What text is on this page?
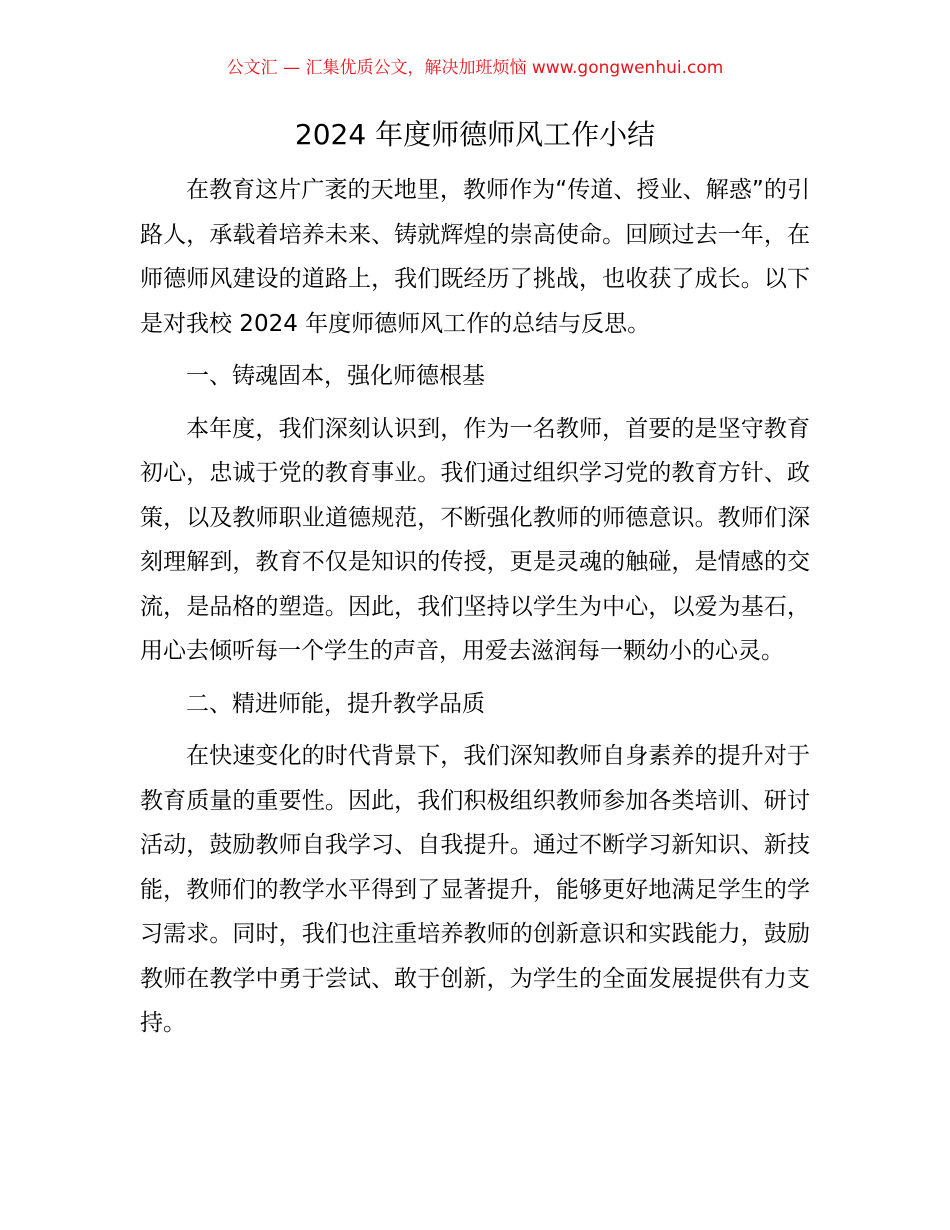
公文汇 — 汇集优质公文，解决加班烦恼 www.gongwenhui.com
2024 年度师德师风工作小结

在教育这片广袤的天地里，教师作为“传道、授业、解惑”的引路人，承载着培养未来、铸就辉煌的崇高使命。回顾过去一年，在师德师风建设的道路上，我们既经历了挑战，也收获了成长。以下是对我校 2024 年度师德师风工作的总结与反思。

一、铸魂固本，强化师德根基

本年度，我们深刻认识到，作为一名教师，首要的是坚守教育初心，忠诚于党的教育事业。我们通过组织学习党的教育方针、政策，以及教师职业道德规范，不断强化教师的师德意识。教师们深刻理解到，教育不仅是知识的传授，更是灵魂的触碰，是情感的交流，是品格的塑造。因此，我们坚持以学生为中心，以爱为基石，用心去倾听每一个学生的声音，用爱去滋润每一颗幼小的心灵。

二、精进师能，提升教学品质

在快速变化的时代背景下，我们深知教师自身素养的提升对于教育质量的重要性。因此，我们积极组织教师参加各类培训、研讨活动，鼓励教师自我学习、自我提升。通过不断学习新知识、新技能，教师们的教学水平得到了显著提升，能够更好地满足学生的学习需求。同时，我们也注重培养教师的创新意识和实践能力，鼓励教师在教学中勇于尝试、敢于创新，为学生的全面发展提供有力支持。
